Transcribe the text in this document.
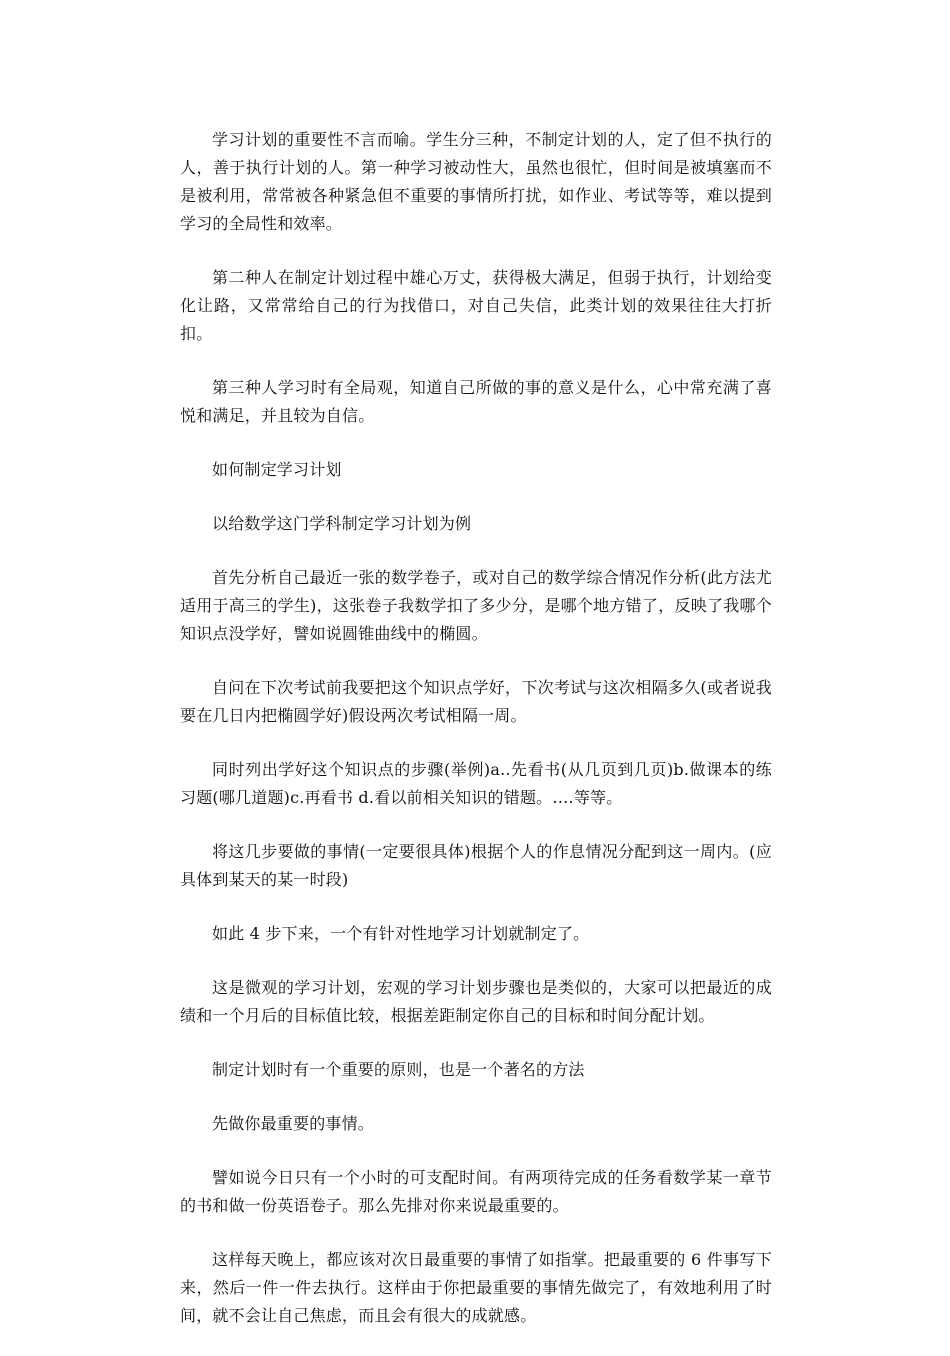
学习计划的重要性不言而喻。学生分三种，不制定计划的人，定了但不执行的人，善于执行计划的人。第一种学习被动性大，虽然也很忙，但时间是被填塞而不是被利用，常常被各种紧急但不重要的事情所打扰，如作业、考试等等，难以提到学习的全局性和效率。

第二种人在制定计划过程中雄心万丈，获得极大满足，但弱于执行，计划给变化让路，又常常给自己的行为找借口，对自己失信，此类计划的效果往往大打折扣。

第三种人学习时有全局观，知道自己所做的事的意义是什么，心中常充满了喜悦和满足，并且较为自信。

如何制定学习计划

以给数学这门学科制定学习计划为例

首先分析自己最近一张的数学卷子，或对自己的数学综合情况作分析(此方法尤适用于高三的学生)，这张卷子我数学扣了多少分，是哪个地方错了，反映了我哪个知识点没学好，譬如说圆锥曲线中的椭圆。

自问在下次考试前我要把这个知识点学好，下次考试与这次相隔多久(或者说我要在几日内把椭圆学好)假设两次考试相隔一周。

同时列出学好这个知识点的步骤(举例)a..先看书(从几页到几页)b.做课本的练习题(哪几道题)c.再看书 d.看以前相关知识的错题。….等等。

将这几步要做的事情(一定要很具体)根据个人的作息情况分配到这一周内。(应具体到某天的某一时段)

如此 4 步下来，一个有针对性地学习计划就制定了。

这是微观的学习计划，宏观的学习计划步骤也是类似的，大家可以把最近的成绩和一个月后的目标值比较，根据差距制定你自己的目标和时间分配计划。

制定计划时有一个重要的原则，也是一个著名的方法

先做你最重要的事情。

譬如说今日只有一个小时的可支配时间。有两项待完成的任务看数学某一章节的书和做一份英语卷子。那么先排对你来说最重要的。

这样每天晚上，都应该对次日最重要的事情了如指掌。把最重要的 6 件事写下来，然后一件一件去执行。这样由于你把最重要的事情先做完了，有效地利用了时间，就不会让自己焦虑，而且会有很大的成就感。
